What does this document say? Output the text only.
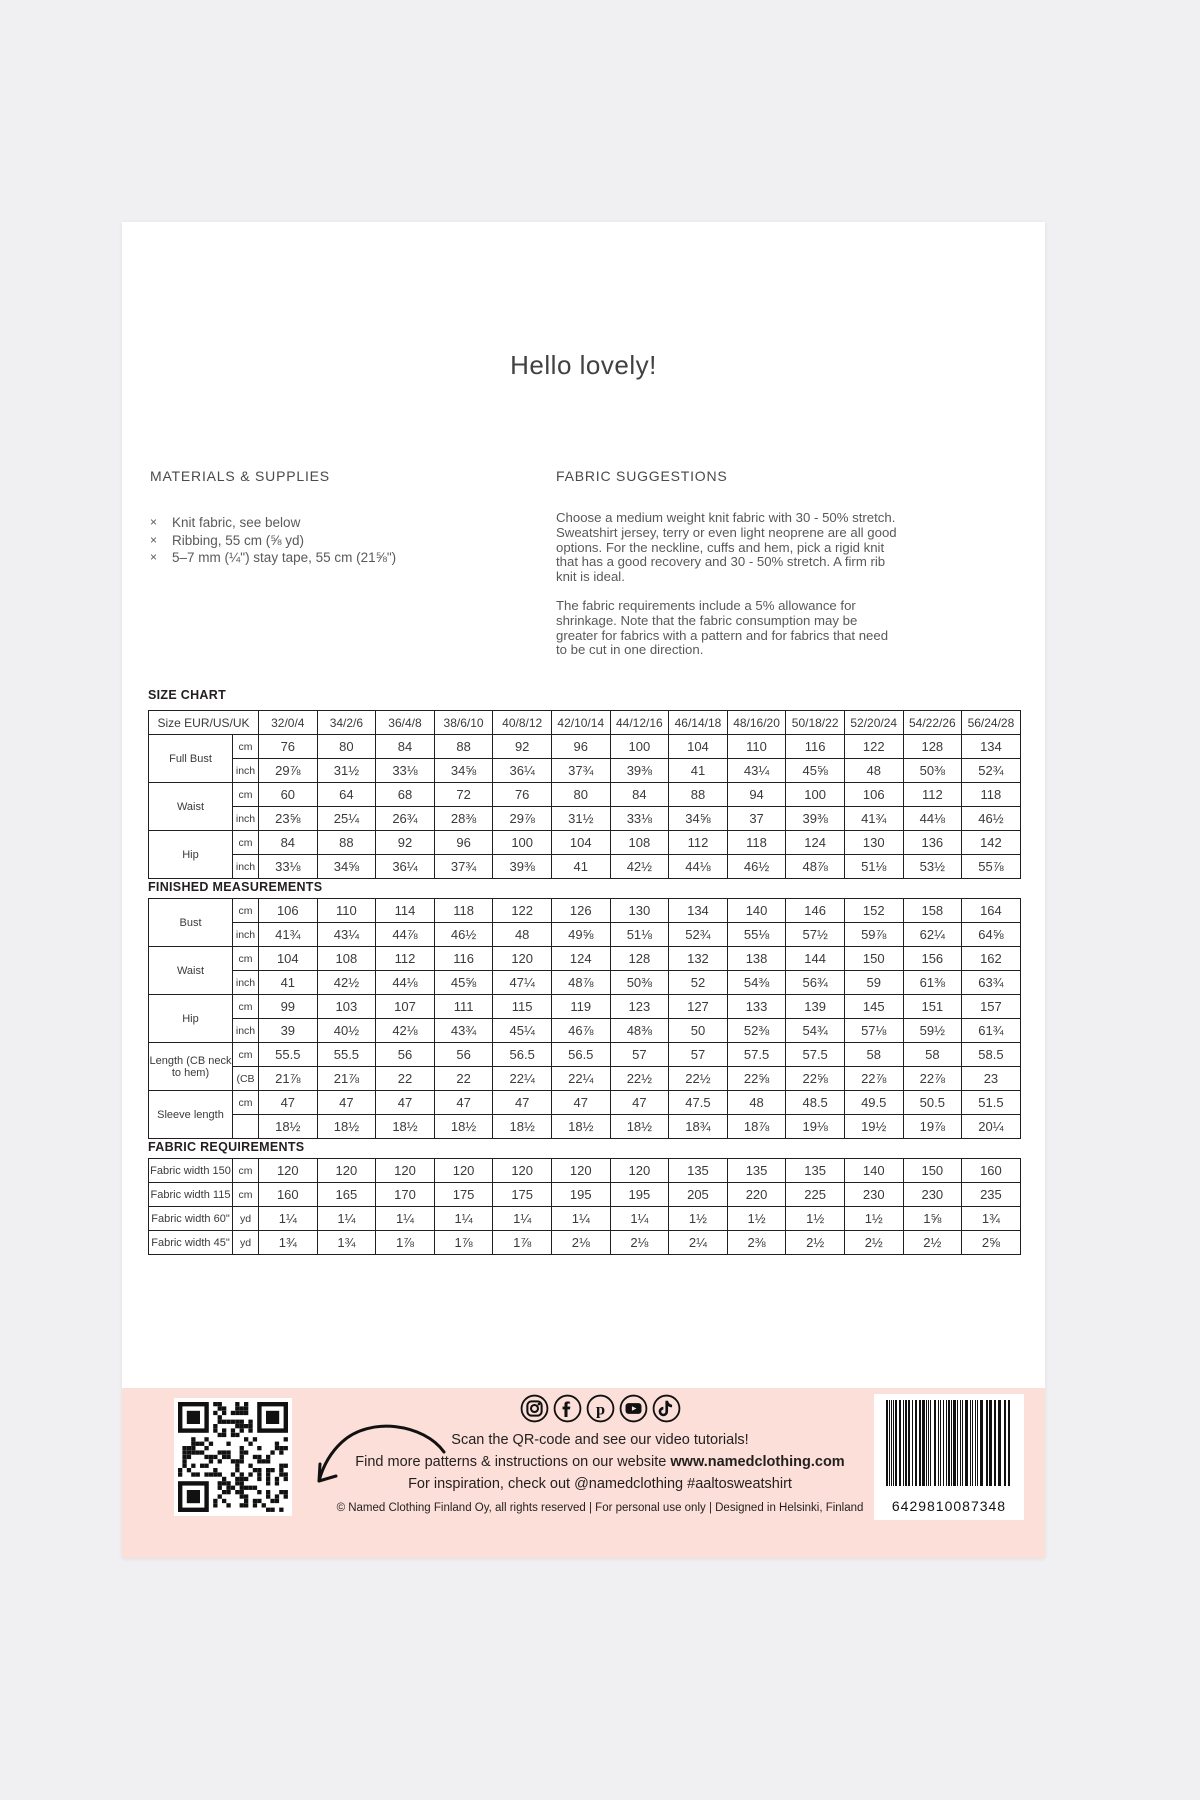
Hello lovely!
MATERIALS & SUPPLIES
×	Knit fabric, see below
×	Ribbing, 55 cm (⅝ yd)
×	5–7 mm (¼") stay tape, 55 cm (21⅝")
FABRIC SUGGESTIONS

Choose a medium weight knit fabric with 30 - 50% stretch. Sweatshirt jersey, terry or even light neoprene are all good options. For the neckline, cuffs and hem, pick a rigid knit that has a good recovery and 30 - 50% stretch. A firm rib knit is ideal.

The fabric requirements include a 5% allowance for shrinkage. Note that the fabric consumption may be greater for fabrics with a pattern and for fabrics that need to be cut in one direction.

SIZE CHART
Size EUR/US/UK		32/0/4	34/2/6	36/4/8	38/6/10	40/8/12	42/10/14	44/12/16	46/14/18	48/16/20	50/18/22	52/20/24	54/22/26	56/24/28
Full Bust	cm	76	80	84	88	92	96	100	104	110	116	122	128	134
	inch	29⅞	31½	33⅛	34⅝	36¼	37¾	39⅜	41	43¼	45⅝	48	50⅜	52¾
Waist	cm	60	64	68	72	76	80	84	88	94	100	106	112	118
	inch	23⅝	25¼	26¾	28⅜	29⅞	31½	33⅛	34⅝	37	39⅜	41¾	44⅛	46½
Hip	cm	84	88	92	96	100	104	108	112	118	124	130	136	142
	inch	33⅛	34⅝	36¼	37¾	39⅜	41	42½	44⅛	46½	48⅞	51⅛	53½	55⅞
FINISHED MEASUREMENTS
Bust	cm	106	110	114	118	122	126	130	134	140	146	152	158	164
	inch	41¾	43¼	44⅞	46½	48	49⅝	51⅛	52¾	55⅛	57½	59⅞	62¼	64⅝
Waist	cm	104	108	112	116	120	124	128	132	138	144	150	156	162
	inch	41	42½	44⅛	45⅝	47¼	48⅞	50⅜	52	54⅜	56¾	59	61⅜	63¾
Hip	cm	99	103	107	111	115	119	123	127	133	139	145	151	157
	inch	39	40½	42⅛	43¾	45¼	46⅞	48⅜	50	52⅜	54¾	57⅛	59½	61¾
Length (CB neck to hem)	cm	55.5	55.5	56	56	56.5	56.5	57	57	57.5	57.5	58	58	58.5
	(CB	21⅞	21⅞	22	22	22¼	22¼	22½	22½	22⅝	22⅝	22⅞	22⅞	23
Sleeve length	cm	47	47	47	47	47	47	47	47.5	48	48.5	49.5	50.5	51.5
		18½	18½	18½	18½	18½	18½	18½	18¾	18⅞	19⅛	19½	19⅞	20¼
FABRIC REQUIREMENTS
Fabric width 150	cm	120	120	120	120	120	120	120	135	135	135	140	150	160
Fabric width 115	cm	160	165	170	175	175	195	195	205	220	225	230	230	235
Fabric width 60"	yd	1¼	1¼	1¼	1¼	1¼	1¼	1¼	1½	1½	1½	1½	1⅝	1¾
Fabric width 45"	yd	1¾	1¾	1⅞	1⅞	1⅞	2⅛	2⅛	2¼	2⅜	2½	2½	2½	2⅝
p
Scan the QR-code and see our video tutorials!
Find more patterns & instructions on our website www.namedclothing.com
For inspiration, check out @namedclothing #aaltosweatshirt
© Named Clothing Finland Oy, all rights reserved | For personal use only | Designed in Helsinki, Finland	6429810087348
